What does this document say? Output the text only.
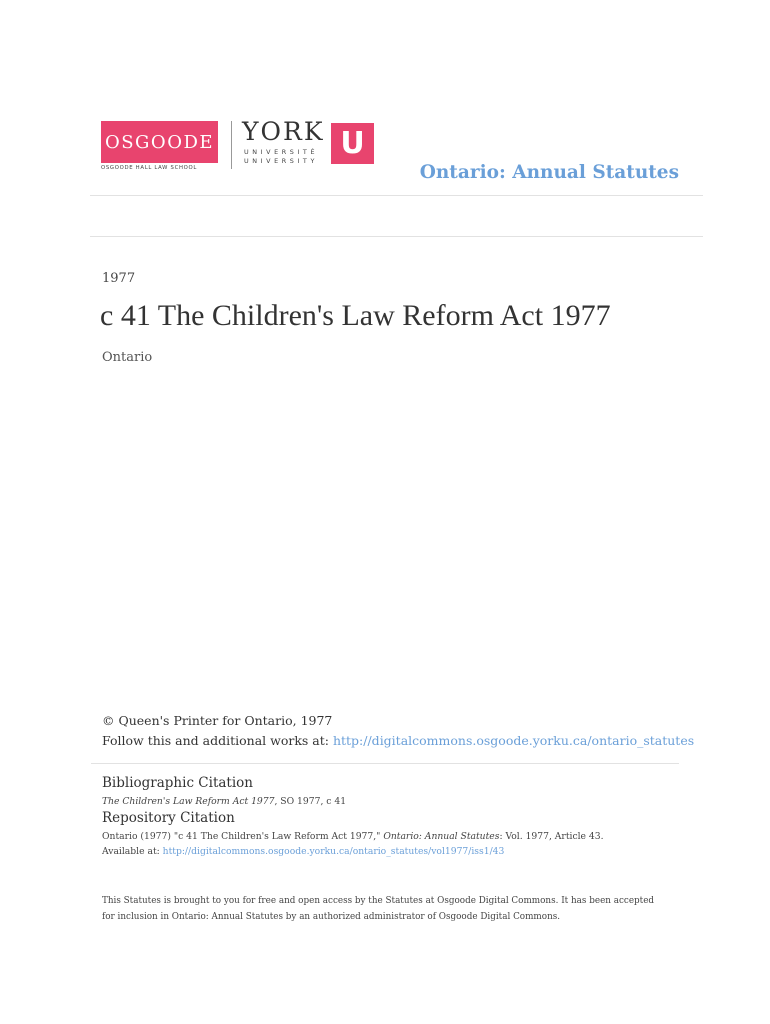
OSGOODE
OSGOODE HALL LAW SCHOOL
YORK
UNIVERSITÉ
UNIVERSITY U
Ontario: Annual Statutes
1977
c 41 The Children's Law Reform Act 1977
Ontario
© Queen's Printer for Ontario, 1977
Follow this and additional works at: http://digitalcommons.osgoode.yorku.ca/ontario_statutes
Bibliographic Citation
The Children's Law Reform Act 1977, SO 1977, c 41
Repository Citation
Ontario (1977) "c 41 The Children's Law Reform Act 1977," Ontario: Annual Statutes: Vol. 1977, Article 43.
Available at: http://digitalcommons.osgoode.yorku.ca/ontario_statutes/vol1977/iss1/43
This Statutes is brought to you for free and open access by the Statutes at Osgoode Digital Commons. It has been accepted for inclusion in Ontario: Annual Statutes by an authorized administrator of Osgoode Digital Commons.
